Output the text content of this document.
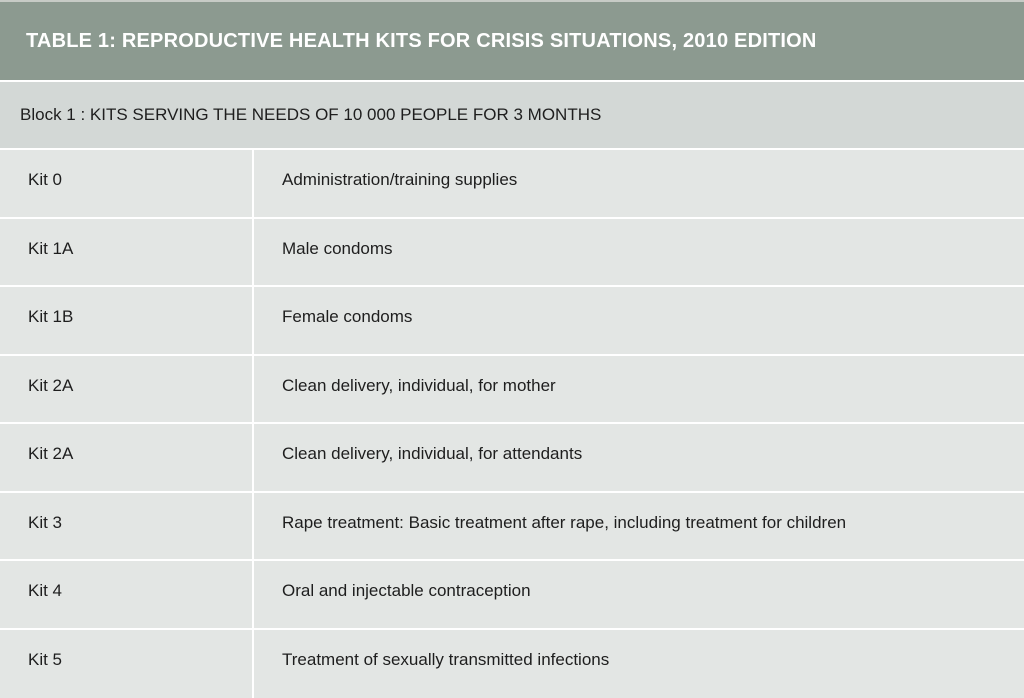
TABLE 1: REPRODUCTIVE HEALTH KITS FOR CRISIS SITUATIONS, 2010 EDITION
Block 1 : KITS SERVING THE NEEDS OF 10 000 PEOPLE FOR 3 MONTHS
Kit 0	Administration/training supplies
Kit 1A	Male condoms
Kit 1B	Female condoms
Kit 2A	Clean delivery, individual, for mother
Kit 2A	Clean delivery, individual, for attendants
Kit 3	Rape treatment: Basic treatment after rape, including treatment for children
Kit 4	Oral and injectable contraception
Kit 5	Treatment of sexually transmitted infections
